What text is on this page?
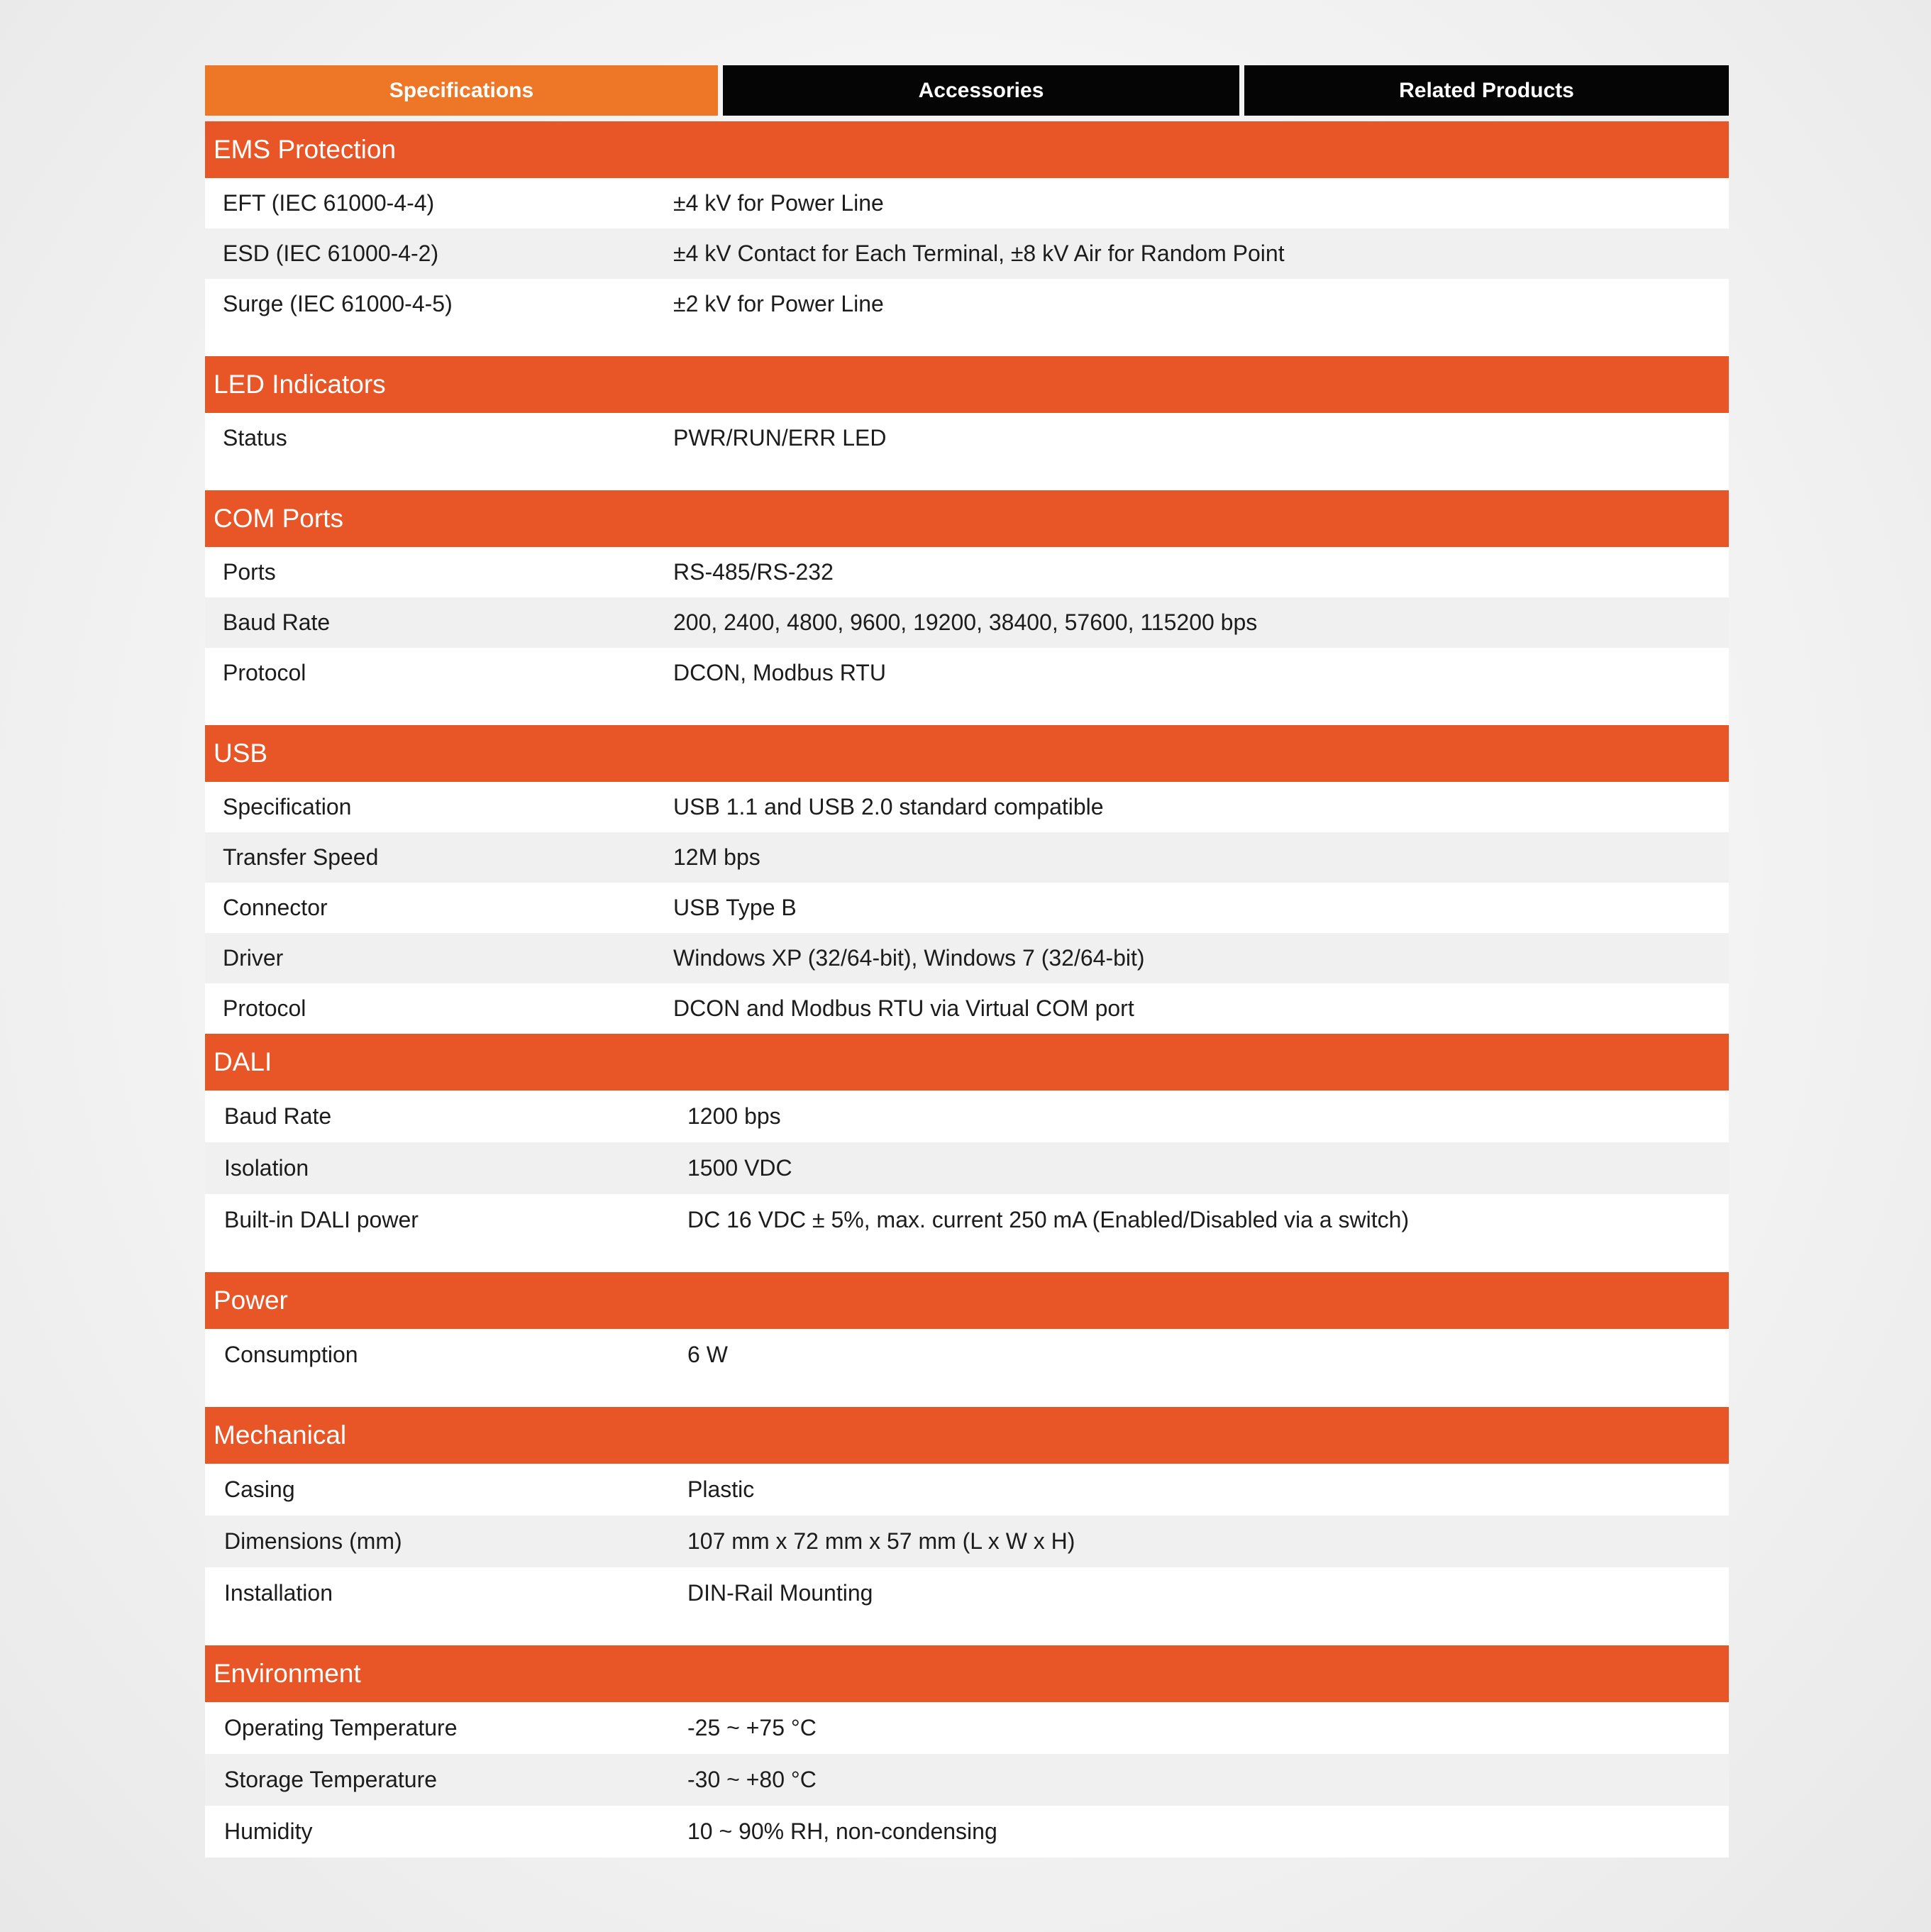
Specifications	Accessories	Related Products
EMS Protection
EFT (IEC 61000-4-4)	±4 kV for Power Line
ESD (IEC 61000-4-2)	±4 kV Contact for Each Terminal, ±8 kV Air for Random Point
Surge (IEC 61000-4-5)	±2 kV for Power Line
LED Indicators
Status	PWR/RUN/ERR LED
COM Ports
Ports	RS-485/RS-232
Baud Rate	200, 2400, 4800, 9600, 19200, 38400, 57600, 115200 bps
Protocol	DCON, Modbus RTU
USB
Specification	USB 1.1 and USB 2.0 standard compatible
Transfer Speed	12M bps
Connector	USB Type B
Driver	Windows XP (32/64-bit), Windows 7 (32/64-bit)
Protocol	DCON and Modbus RTU via Virtual COM port
DALI
Baud Rate	1200 bps
Isolation	1500 VDC
Built-in DALI power	DC 16 VDC ± 5%, max. current 250 mA (Enabled/Disabled via a switch)
Power
Consumption	6 W
Mechanical
Casing	Plastic
Dimensions (mm)	107 mm x 72 mm x 57 mm (L x W x H)
Installation	DIN-Rail Mounting
Environment
Operating Temperature	-25 ~ +75 °C
Storage Temperature	-30 ~ +80 °C
Humidity	10 ~ 90% RH, non-condensing
